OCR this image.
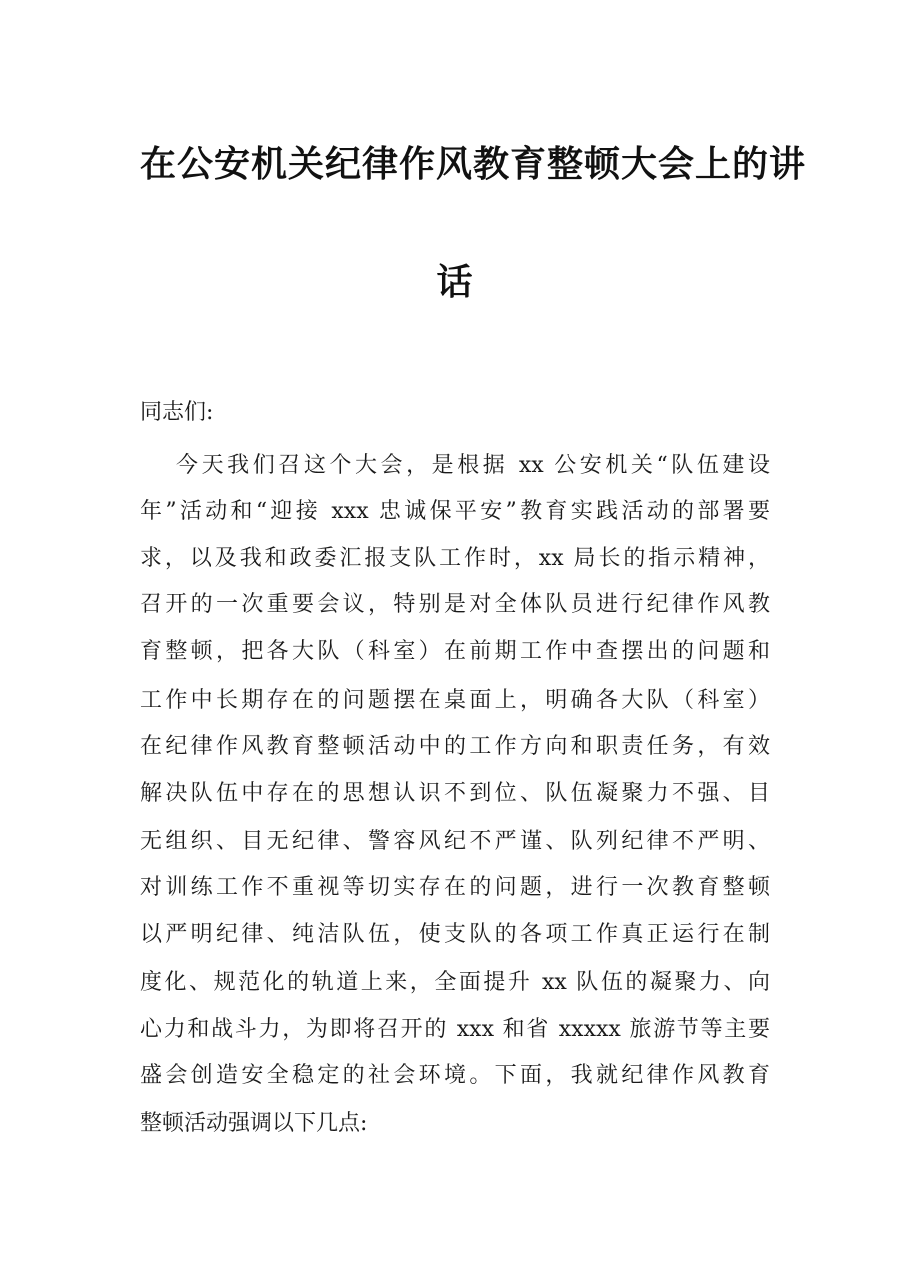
在公安机关纪律作风教育整顿大会上的讲
话
同志们:
今天我们召这个大会，是根据 xx 公安机关“队伍建设
年”活动和“迎接 xxx 忠诚保平安”教育实践活动的部署要
求，以及我和政委汇报支队工作时，xx 局长的指示精神，
召开的一次重要会议，特别是对全体队员进行纪律作风教
育整顿，把各大队（科室）在前期工作中查摆出的问题和
工作中长期存在的问题摆在桌面上，明确各大队（科室）
在纪律作风教育整顿活动中的工作方向和职责任务，有效
解决队伍中存在的思想认识不到位、队伍凝聚力不强、目
无组织、目无纪律、警容风纪不严谨、队列纪律不严明、
对训练工作不重视等切实存在的问题，进行一次教育整顿
以严明纪律、纯洁队伍，使支队的各项工作真正运行在制
度化、规范化的轨道上来，全面提升 xx 队伍的凝聚力、向
心力和战斗力，为即将召开的 xxx 和省 xxxxx 旅游节等主要
盛会创造安全稳定的社会环境。下面，我就纪律作风教育
整顿活动强调以下几点:
